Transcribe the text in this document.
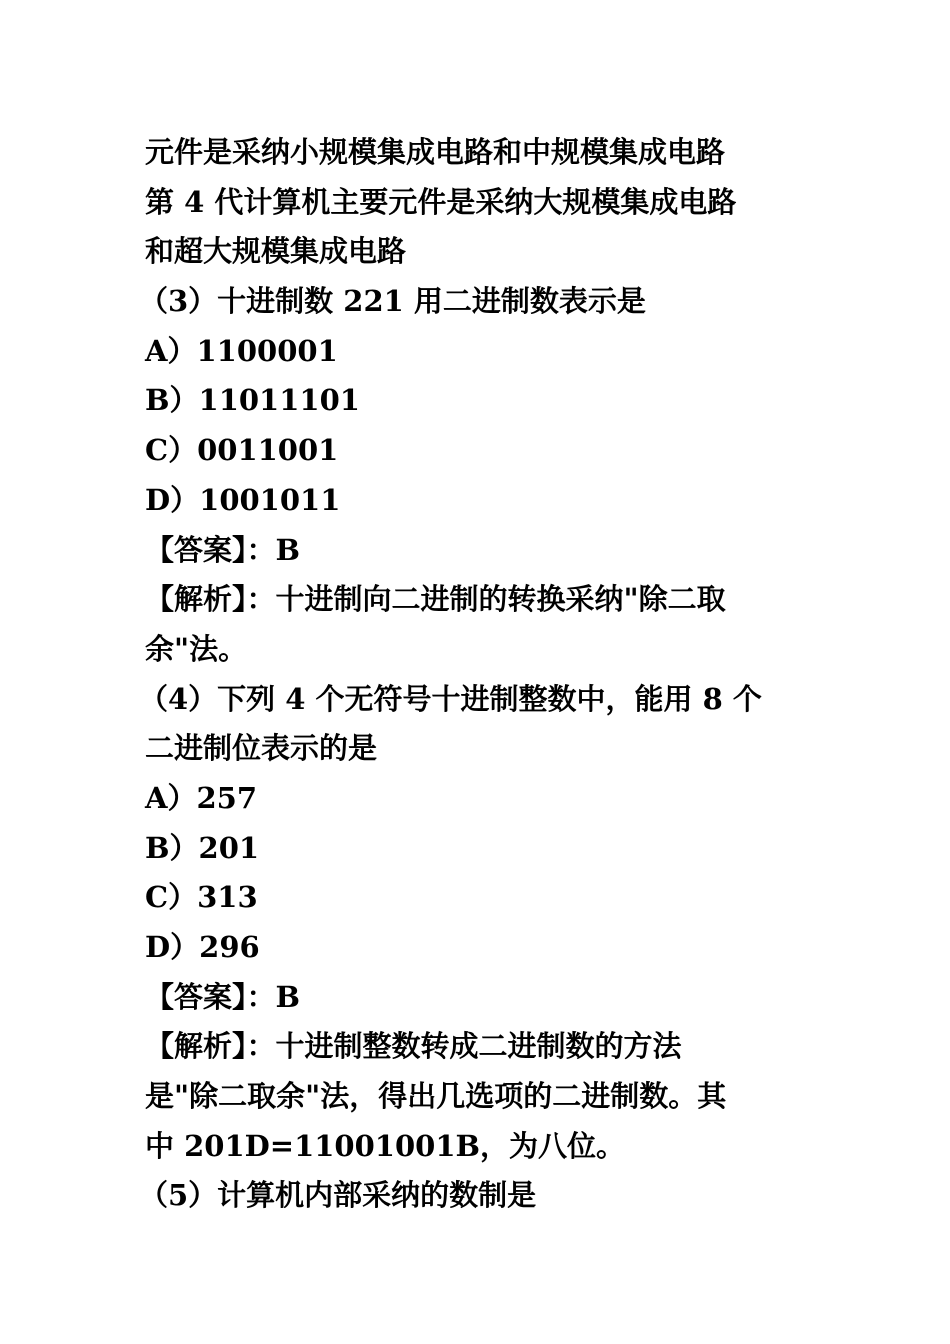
元件是采纳小规模集成电路和中规模集成电路
第 4 代计算机主要元件是采纳大规模集成电路
和超大规模集成电路
（3）十进制数 221 用二进制数表示是
A）1100001
B）11011101
C）0011001
D）1001011
【答案】：B
【解析】：十进制向二进制的转换采纳"除二取
余"法。
（4）下列 4 个无符号十进制整数中，能用 8 个
二进制位表示的是
A）257
B）201
C）313
D）296
【答案】：B
【解析】：十进制整数转成二进制数的方法
是"除二取余"法，得出几选项的二进制数。其
中 201D=11001001B，为八位。
（5）计算机内部采纳的数制是
